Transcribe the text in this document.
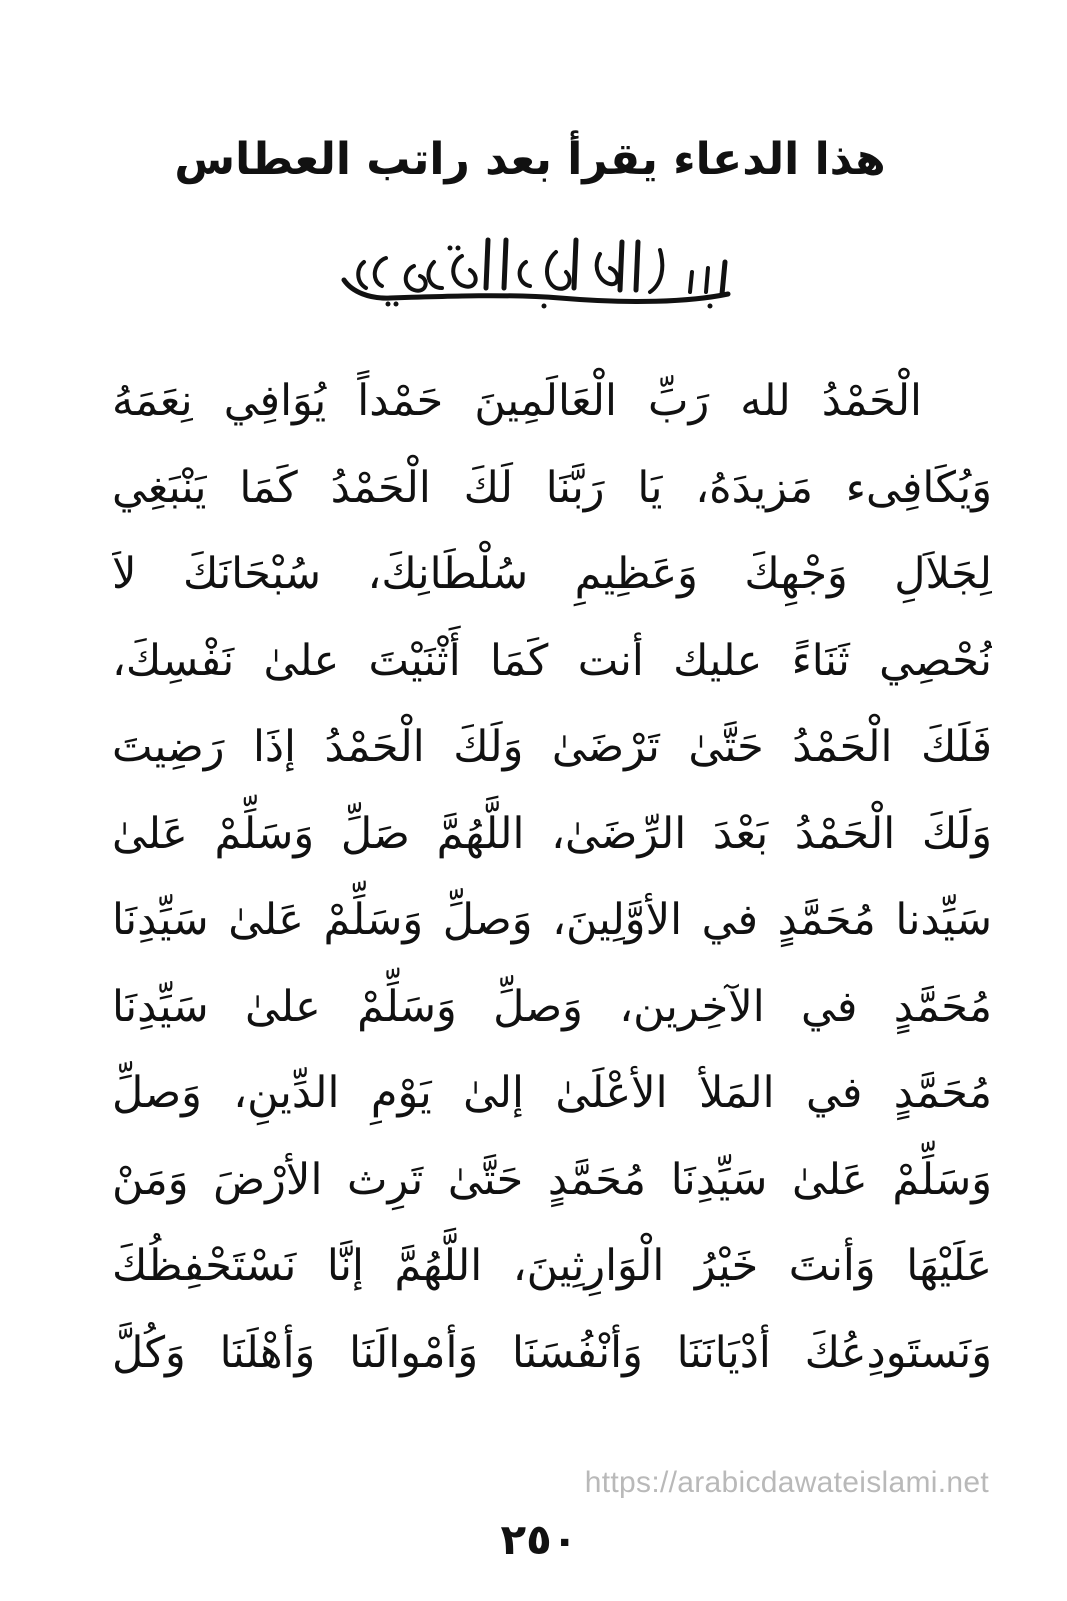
هذا الدعاء يقرأ بعد راتب العطاس
الْحَمْدُ لله رَبِّ الْعَالَمِينَ حَمْداً يُوَافِي نِعَمَهُ
وَيُكَافِىء مَزيدَهُ، يَا رَبَّنَا لَكَ الْحَمْدُ كَمَا يَنْبَغِي
لِجَلاَلِ وَجْهِكَ وَعَظِيمِ سُلْطَانِكَ، سُبْحَانَكَ لاَ
نُحْصِي ثَنَاءً عليك أنت كَمَا أَثْنَيْتَ علىٰ نَفْسِكَ،
فَلَكَ الْحَمْدُ حَتَّىٰ تَرْضَىٰ وَلَكَ الْحَمْدُ إذَا رَضِيتَ
وَلَكَ الْحَمْدُ بَعْدَ الرِّضَىٰ، اللَّهُمَّ صَلِّ وَسَلِّمْ عَلىٰ
سَيِّدنا مُحَمَّدٍ في الأوَّلِينَ، وَصلِّ وَسَلِّمْ عَلىٰ سَيِّدِنَا
مُحَمَّدٍ في الآخِرين، وَصلِّ وَسَلِّمْ علىٰ سَيِّدِنَا
مُحَمَّدٍ في المَلأ الأعْلَىٰ إلىٰ يَوْمِ الدِّينِ، وَصلِّ
وَسَلِّمْ عَلىٰ سَيِّدِنَا مُحَمَّدٍ حَتَّىٰ تَرِث الأرْضَ وَمَنْ
عَلَيْهَا وَأنتَ خَيْرُ الْوَارِثِينَ، اللَّهُمَّ إنَّا نَسْتَحْفِظُكَ
وَنَستَودِعُكَ أدْيَانَنَا وَأنْفُسَنَا وَأمْوالَنَا وَأهْلَنَا وَكُلَّ
https://arabicdawateislami.net
٢٥٠
